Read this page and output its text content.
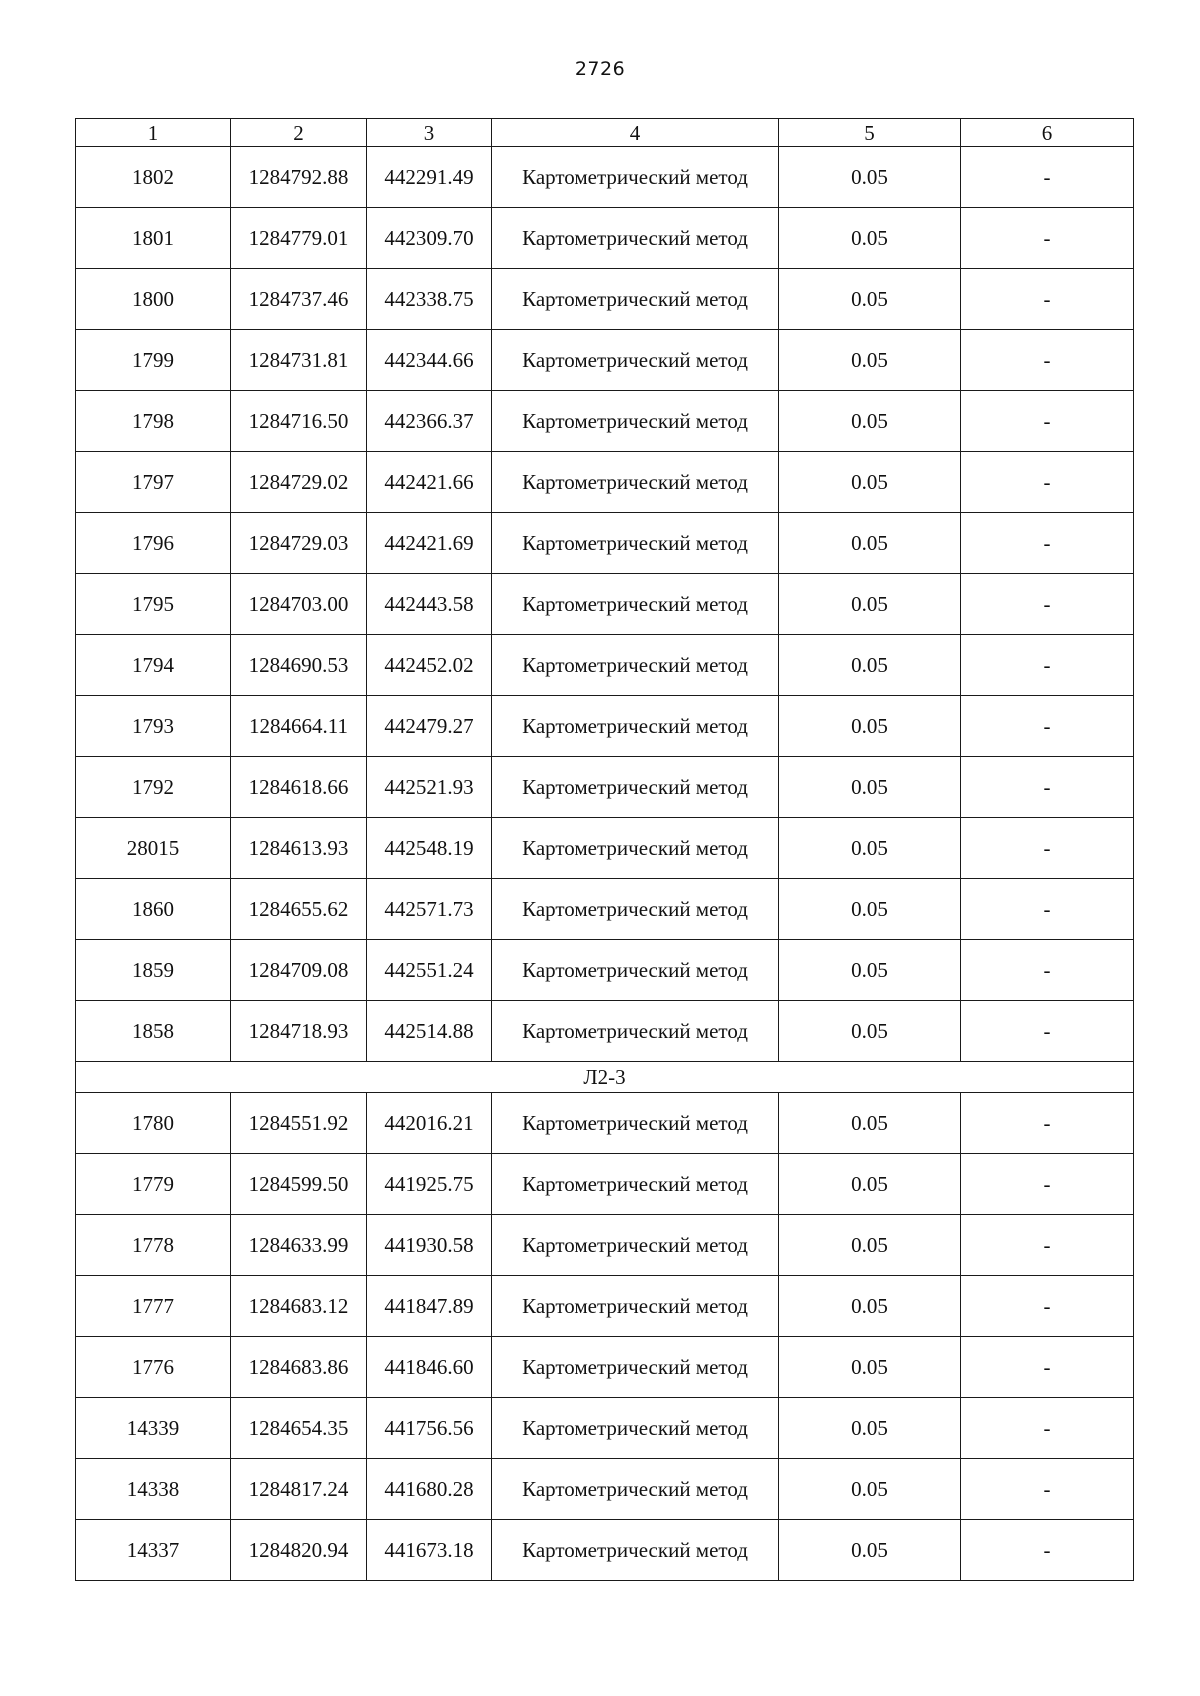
2726
1	2	3	4	5	6
1802	1284792.88	442291.49	Картометрический метод	0.05	-
1801	1284779.01	442309.70	Картометрический метод	0.05	-
1800	1284737.46	442338.75	Картометрический метод	0.05	-
1799	1284731.81	442344.66	Картометрический метод	0.05	-
1798	1284716.50	442366.37	Картометрический метод	0.05	-
1797	1284729.02	442421.66	Картометрический метод	0.05	-
1796	1284729.03	442421.69	Картометрический метод	0.05	-
1795	1284703.00	442443.58	Картометрический метод	0.05	-
1794	1284690.53	442452.02	Картометрический метод	0.05	-
1793	1284664.11	442479.27	Картометрический метод	0.05	-
1792	1284618.66	442521.93	Картометрический метод	0.05	-
28015	1284613.93	442548.19	Картометрический метод	0.05	-
1860	1284655.62	442571.73	Картометрический метод	0.05	-
1859	1284709.08	442551.24	Картометрический метод	0.05	-
1858	1284718.93	442514.88	Картометрический метод	0.05	-
Л2-3					
1780	1284551.92	442016.21	Картометрический метод	0.05	-
1779	1284599.50	441925.75	Картометрический метод	0.05	-
1778	1284633.99	441930.58	Картометрический метод	0.05	-
1777	1284683.12	441847.89	Картометрический метод	0.05	-
1776	1284683.86	441846.60	Картометрический метод	0.05	-
14339	1284654.35	441756.56	Картометрический метод	0.05	-
14338	1284817.24	441680.28	Картометрический метод	0.05	-
14337	1284820.94	441673.18	Картометрический метод	0.05	-
